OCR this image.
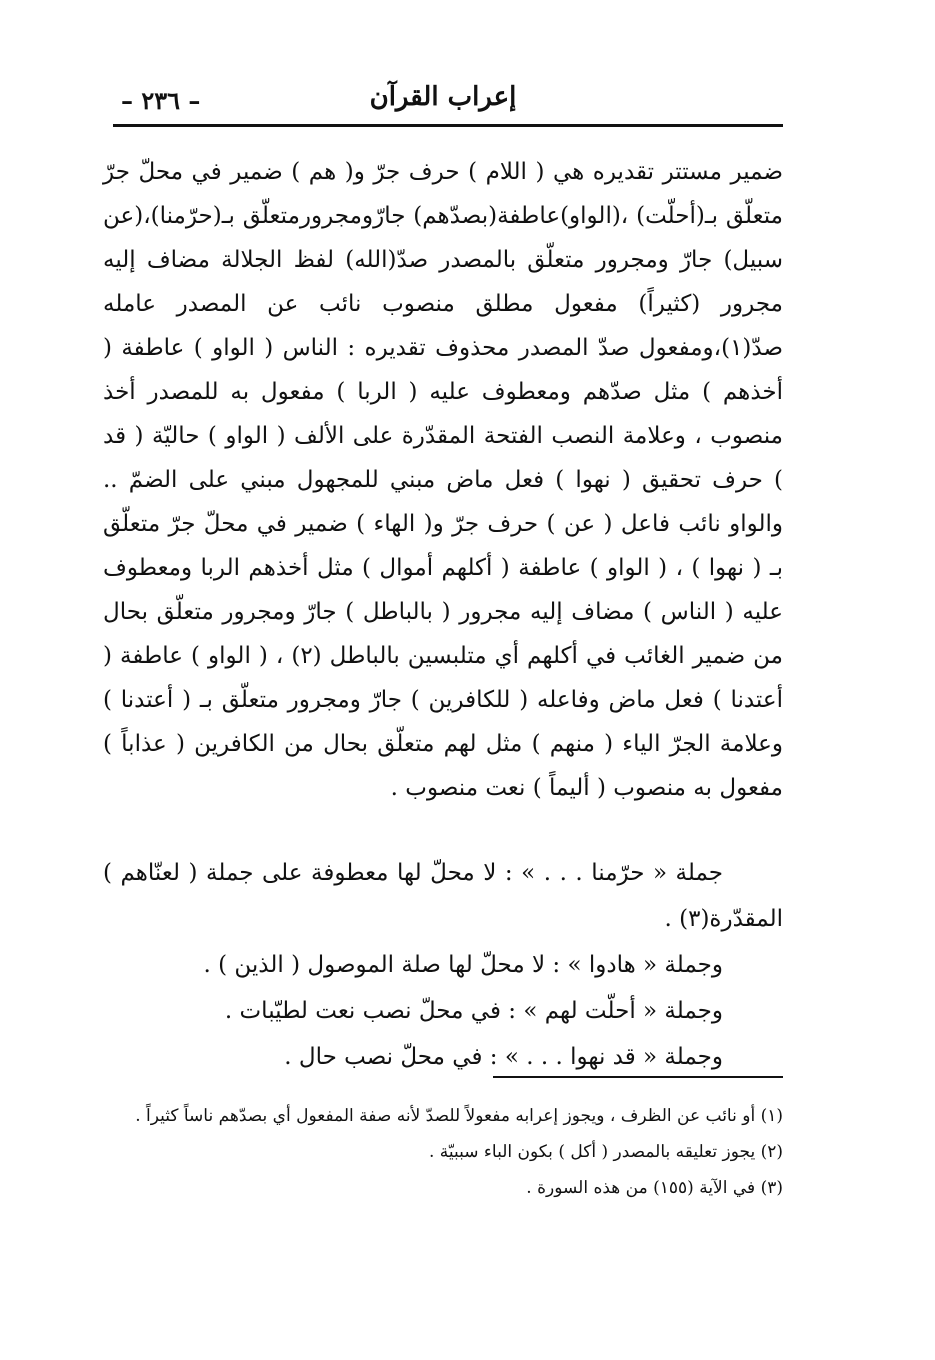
– ٢٣٦ –	إعراب القرآن

ضمير مستتر تقديره هي ( اللام ) حرف جرّ و( هم ) ضمير في محلّ جرّ متعلّق بـ(أحلّت) ،(الواو)عاطفة(بصدّهم) جارّومجرورمتعلّق بـ(حرّمنا)،(عن سبيل) جارّ ومجرور متعلّق بالمصدر صدّ(الله) لفظ الجلالة مضاف إليه مجرور (كثيراً) مفعول مطلق منصوب نائب عن المصدر عامله صدّ(١)،ومفعول صدّ المصدر محذوف تقديره : الناس ( الواو ) عاطفة ( أخذهم ) مثل صدّهم ومعطوف عليه ( الربا ) مفعول به للمصدر أخذ منصوب ، وعلامة النصب الفتحة المقدّرة على الألف ( الواو ) حاليّة ( قد ) حرف تحقيق ( نهوا ) فعل ماض مبني للمجهول مبني على الضمّ .. والواو نائب فاعل ( عن ) حرف جرّ و( الهاء ) ضمير في محلّ جرّ متعلّق بـ ( نهوا ) ، ( الواو ) عاطفة ( أكلهم أموال ) مثل أخذهم الربا ومعطوف عليه ( الناس ) مضاف إليه مجرور ( بالباطل ) جارّ ومجرور متعلّق بحال من ضمير الغائب في أكلهم أي متلبسين بالباطل (٢) ، ( الواو ) عاطفة ( أعتدنا ) فعل ماض وفاعله ( للكافرين ) جارّ ومجرور متعلّق بـ ( أعتدنا ) وعلامة الجرّ الياء ( منهم ) مثل لهم متعلّق بحال من الكافرين ( عذاباً ) مفعول به منصوب ( أليماً ) نعت منصوب .

جملة « حرّمنا . . . » : لا محلّ لها معطوفة على جملة ( لعنّاهم ) المقدّرة(٣) .

وجملة « هادوا » : لا محلّ لها صلة الموصول ( الذين ) .

وجملة « أحلّت لهم » : في محلّ نصب نعت لطيّبات .

وجملة « قد نهوا . . . » : في محلّ نصب حال .

(١) أو نائب عن الظرف ، ويجوز إعرابه مفعولاً للصدّ لأنه صفة المفعول أي بصدّهم ناساً كثيراً .

(٢) يجوز تعليقه بالمصدر ( أكل ) بكون الباء سببيّة .

(٣) في الآية (١٥٥) من هذه السورة .
